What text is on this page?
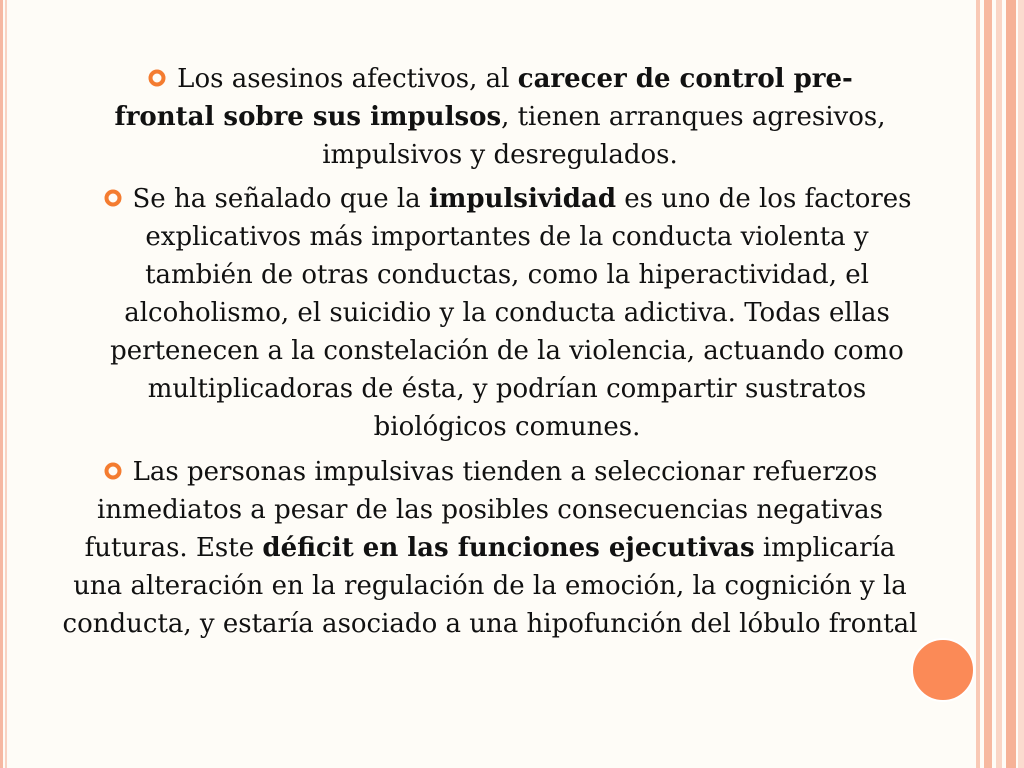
Los asesinos afectivos, al carecer de control pre-frontal sobre sus impulsos, tienen arranques agresivos, impulsivos y desregulados.

Se ha señalado que la impulsividad es uno de los factores explicativos más importantes de la conducta violenta y también de otras conductas, como la hiperactividad, el alcoholismo, el suicidio y la conducta adictiva. Todas ellas pertenecen a la constelación de la violencia, actuando como multiplicadoras de ésta, y podrían compartir sustratos biológicos comunes.

Las personas impulsivas tienden a seleccionar refuerzos inmediatos a pesar de las posibles consecuencias negativas futuras. Este déficit en las funciones ejecutivas implicaría una alteración en la regulación de la emoción, la cognición y la conducta, y estaría asociado a una hipofunción del lóbulo frontal
